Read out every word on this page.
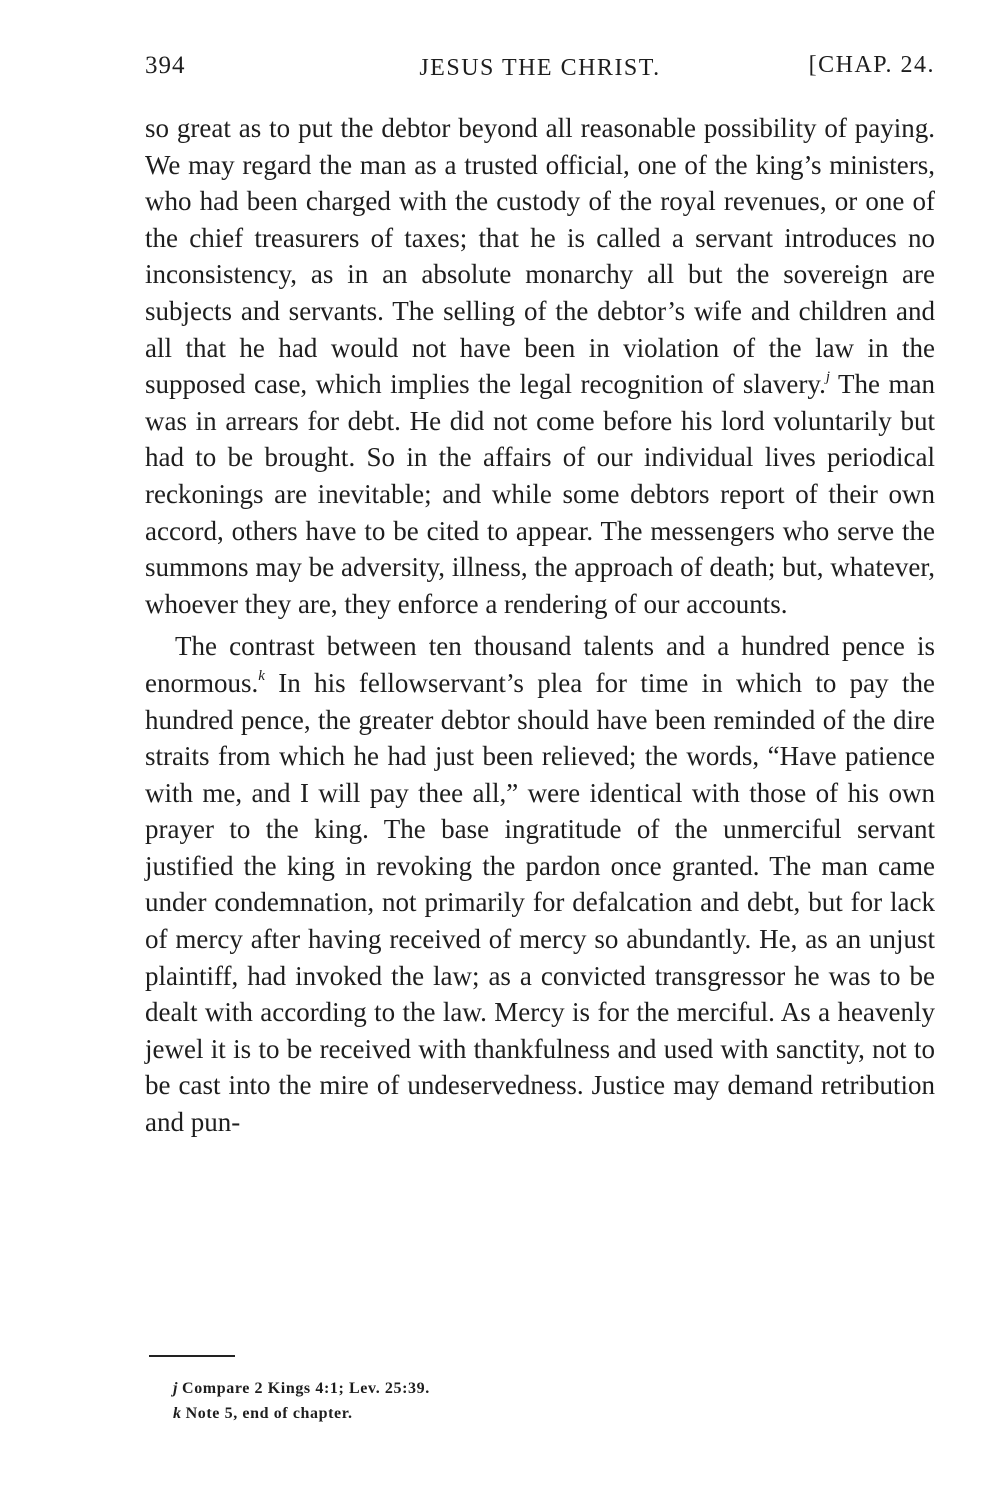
394	JESUS THE CHRIST.	[CHAP. 24.

so great as to put the debtor beyond all reasonable possibility of paying. We may regard the man as a trusted official, one of the king’s ministers, who had been charged with the custody of the royal revenues, or one of the chief treasurers of taxes; that he is called a servant introduces no inconsistency, as in an absolute monarchy all but the sovereign are subjects and servants. The selling of the debtor’s wife and children and all that he had would not have been in violation of the law in the supposed case, which implies the legal recognition of slavery.$^j$ The man was in arrears for debt. He did not come before his lord voluntarily but had to be brought. So in the affairs of our individual lives periodical reckonings are inevitable; and while some debtors report of their own accord, others have to be cited to appear. The messengers who serve the summons may be adversity, illness, the approach of death; but, whatever, whoever they are, they enforce a rendering of our accounts.

The contrast between ten thousand talents and a hundred pence is enormous.$^k$ In his fellowservant’s plea for time in which to pay the hundred pence, the greater debtor should have been reminded of the dire straits from which he had just been relieved; the words, “Have patience with me, and I will pay thee all,” were identical with those of his own prayer to the king. The base ingratitude of the unmerciful servant justified the king in revoking the pardon once granted. The man came under condemnation, not primarily for defalcation and debt, but for lack of mercy after having received of mercy so abundantly. He, as an unjust plaintiff, had invoked the law; as a convicted transgressor he was to be dealt with according to the law. Mercy is for the merciful. As a heavenly jewel it is to be received with thankfulness and used with sanctity, not to be cast into the mire of undeservedness. Justice may demand retribution and pun-

j Compare 2 Kings 4:1; Lev. 25:39.
k Note 5, end of chapter.
